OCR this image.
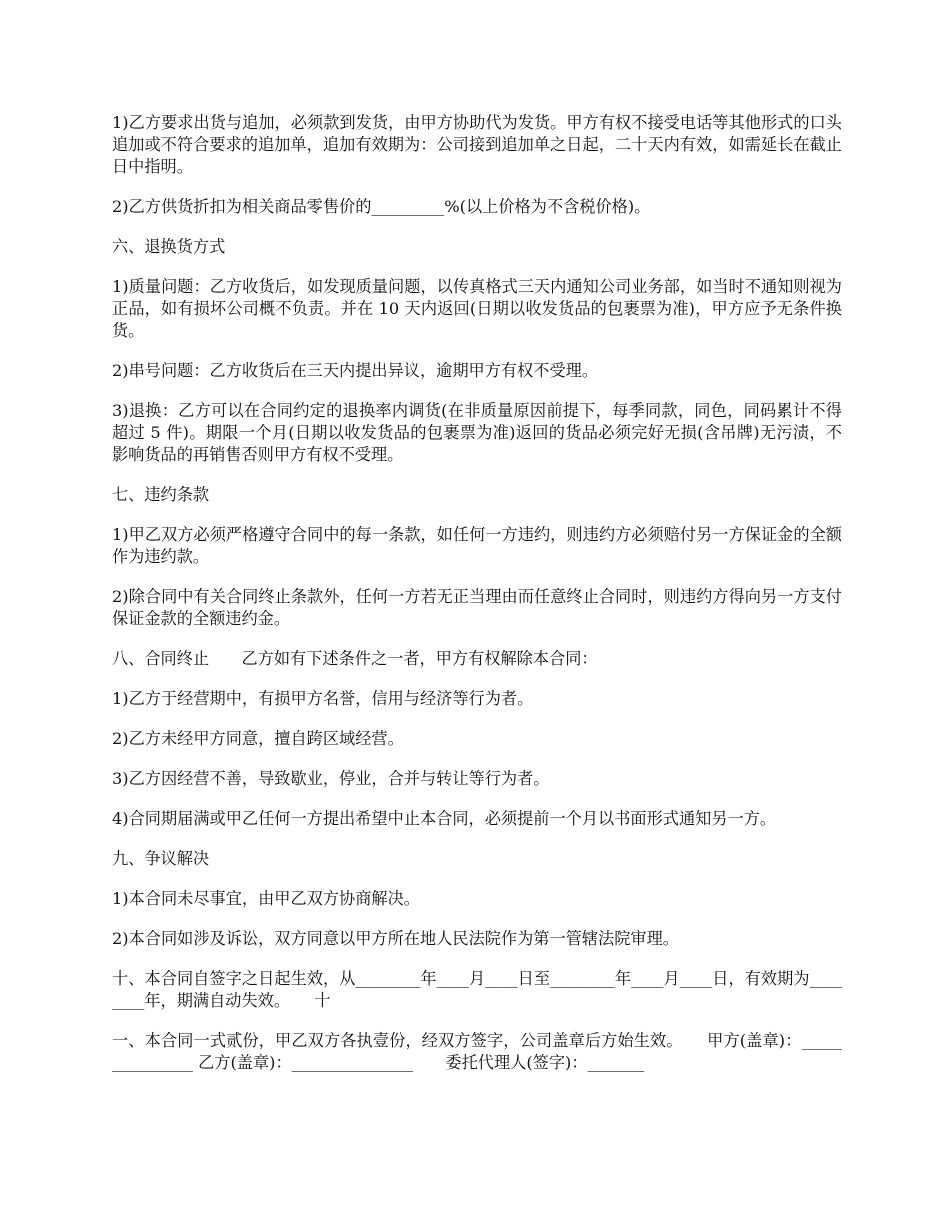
1)乙方要求出货与追加，必须款到发货，由甲方协助代为发货。甲方有权不接受电话等其他形式的口头追加或不符合要求的追加单，追加有效期为：公司接到追加单之日起，二十天内有效，如需延长在截止日中指明。

2)乙方供货折扣为相关商品零售价的_________%(以上价格为不含税价格)。

六、退换货方式

1)质量问题：乙方收货后，如发现质量问题，以传真格式三天内通知公司业务部，如当时不通知则视为正品，如有损坏公司概不负责。并在 10 天内返回(日期以收发货品的包裹票为准)，甲方应予无条件换货。

2)串号问题：乙方收货后在三天内提出异议，逾期甲方有权不受理。

3)退换：乙方可以在合同约定的退换率内调货(在非质量原因前提下，每季同款，同色，同码累计不得超过 5 件)。期限一个月(日期以收发货品的包裹票为准)返回的货品必须完好无损(含吊牌)无污渍，不影响货品的再销售否则甲方有权不受理。

七、违约条款

1)甲乙双方必须严格遵守合同中的每一条款，如任何一方违约，则违约方必须赔付另一方保证金的全额作为违约款。

2)除合同中有关合同终止条款外，任何一方若无正当理由而任意终止合同时，则违约方得向另一方支付保证金款的全额违约金。

八、合同终止　　乙方如有下述条件之一者，甲方有权解除本合同：

1)乙方于经营期中，有损甲方名誉，信用与经济等行为者。

2)乙方未经甲方同意，擅自跨区域经营。

3)乙方因经营不善，导致歇业，停业，合并与转让等行为者。

4)合同期届满或甲乙任何一方提出希望中止本合同，必须提前一个月以书面形式通知另一方。

九、争议解决

1)本合同未尽事宜，由甲乙双方协商解决。

2)本合同如涉及诉讼，双方同意以甲方所在地人民法院作为第一管辖法院审理。

十、本合同自签字之日起生效，从________年____月____日至________年____月____日，有效期为________年，期满自动失效。　　十

一、本合同一式贰份，甲乙双方各执壹份，经双方签字，公司盖章后方始生效。　　甲方(盖章)：_______________ 乙方(盖章)：_______________　　委托代理人(签字)：_______
